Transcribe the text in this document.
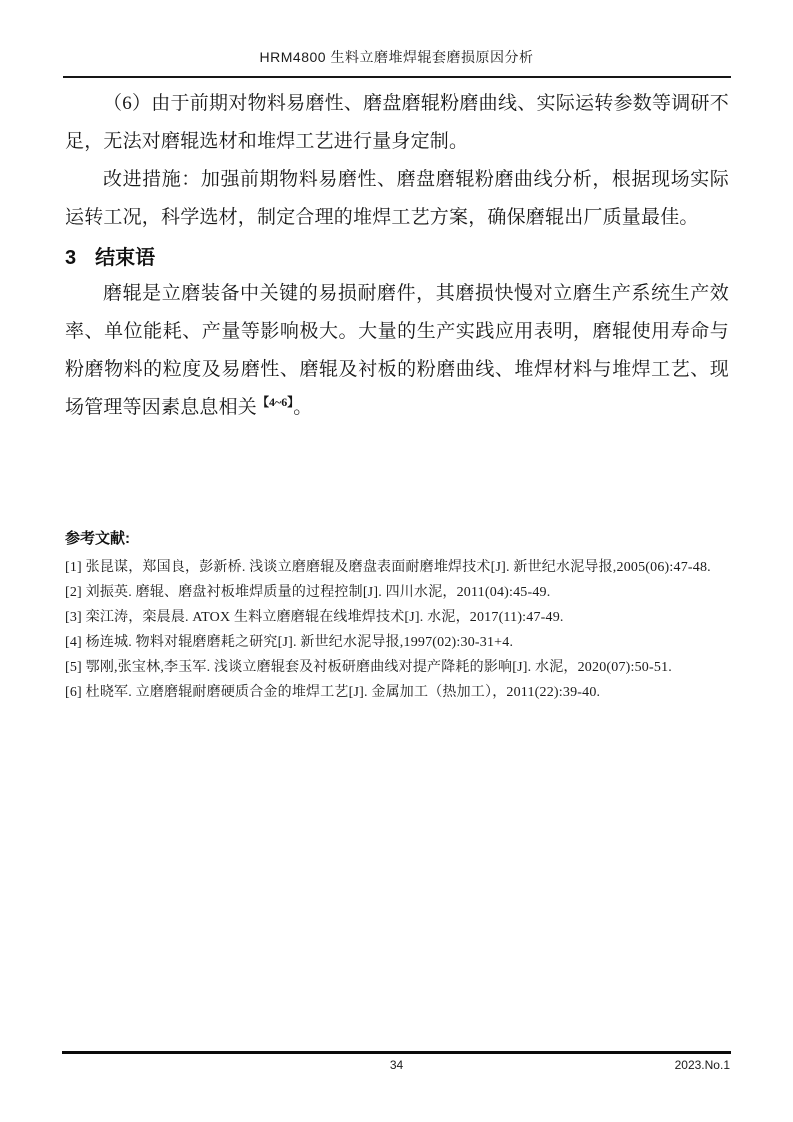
HRM4800 生料立磨堆焊辊套磨损原因分析

（6）由于前期对物料易磨性、磨盘磨辊粉磨曲线、实际运转参数等调研不足，无法对磨辊选材和堆焊工艺进行量身定制。

改进措施：加强前期物料易磨性、磨盘磨辊粉磨曲线分析，根据现场实际运转工况，科学选材，制定合理的堆焊工艺方案，确保磨辊出厂质量最佳。

3 结束语

磨辊是立磨装备中关键的易损耐磨件，其磨损快慢对立磨生产系统生产效率、单位能耗、产量等影响极大。大量的生产实践应用表明，磨辊使用寿命与粉磨物料的粒度及易磨性、磨辊及衬板的粉磨曲线、堆焊材料与堆焊工艺、现场管理等因素息息相关$^{【4\sim 6】}$。

参考文献:
[1] 张昆谋，郑国良，彭新桥. 浅谈立磨磨辊及磨盘表面耐磨堆焊技术[J]. 新世纪水泥导报,2005(06):47-48.
[2] 刘振英. 磨辊、磨盘衬板堆焊质量的过程控制[J]. 四川水泥，2011(04):45-49.
[3] 栾江涛，栾晨晨. ATOX 生料立磨磨辊在线堆焊技术[J]. 水泥，2017(11):47-49.
[4] 杨连城. 物料对辊磨磨耗之研究[J]. 新世纪水泥导报,1997(02):30-31+4.
[5] 鄂刚,张宝林,李玉军. 浅谈立磨辊套及衬板研磨曲线对提产降耗的影响[J]. 水泥，2020(07):50-51.
[6] 杜晓军. 立磨磨辊耐磨硬质合金的堆焊工艺[J]. 金属加工（热加工），2011(22):39-40.
34	2023.No.1
